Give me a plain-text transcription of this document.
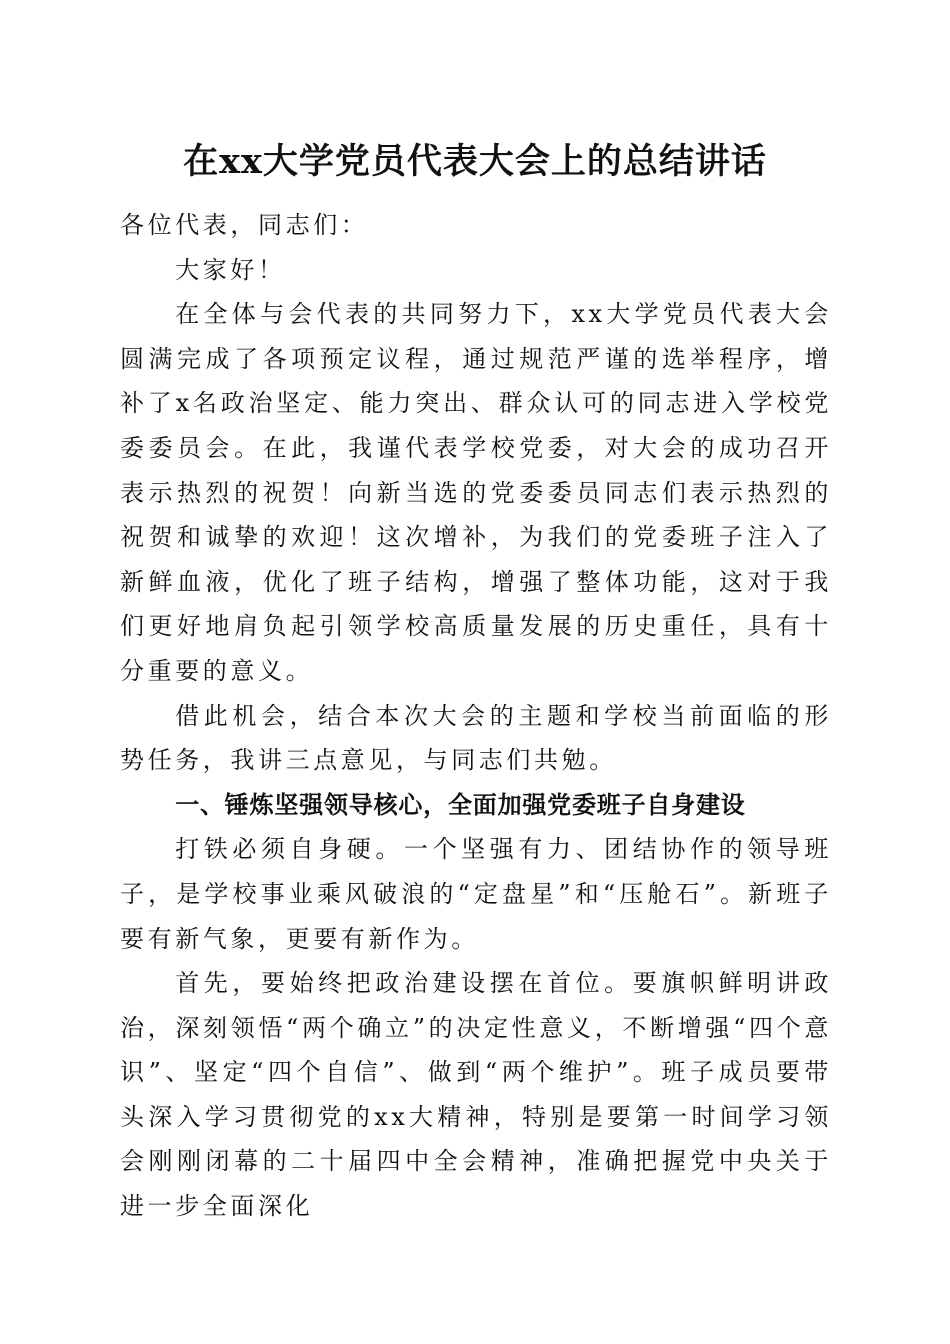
在xx大学党员代表大会上的总结讲话

各位代表，同志们：

大家好！

在全体与会代表的共同努力下，xx大学党员代表大会圆满完成了各项预定议程，通过规范严谨的选举程序，增补了x名政治坚定、能力突出、群众认可的同志进入学校党委委员会。在此，我谨代表学校党委，对大会的成功召开表示热烈的祝贺！向新当选的党委委员同志们表示热烈的祝贺和诚挚的欢迎！这次增补，为我们的党委班子注入了新鲜血液，优化了班子结构，增强了整体功能，这对于我们更好地肩负起引领学校高质量发展的历史重任，具有十分重要的意义。

借此机会，结合本次大会的主题和学校当前面临的形势任务，我讲三点意见，与同志们共勉。

一、锤炼坚强领导核心，全面加强党委班子自身建设

打铁必须自身硬。一个坚强有力、团结协作的领导班子，是学校事业乘风破浪的“定盘星”和“压舱石”。新班子要有新气象，更要有新作为。

首先，要始终把政治建设摆在首位。要旗帜鲜明讲政治，深刻领悟“两个确立”的决定性意义，不断增强“四个意识”、坚定“四个自信”、做到“两个维护”。班子成员要带头深入学习贯彻党的xx大精神，特别是要第一时间学习领会刚刚闭幕的二十届四中全会精神，准确把握党中央关于进一步全面深化
